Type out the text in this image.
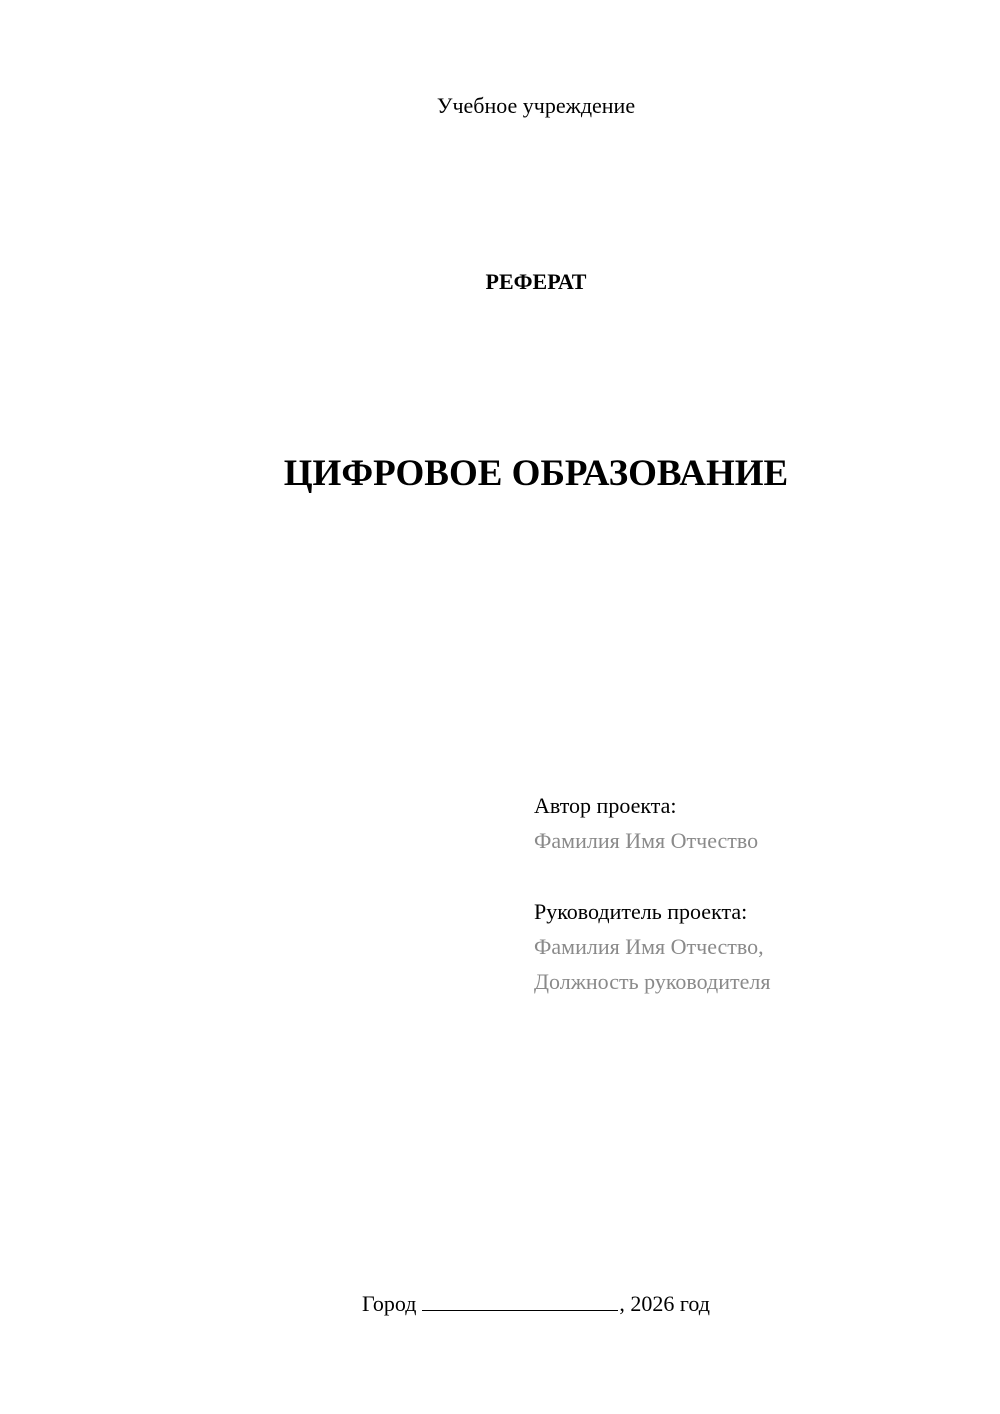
Учебное учреждение
РЕФЕРАТ
ЦИФРОВОЕ ОБРАЗОВАНИЕ
Автор проекта:
Фамилия Имя Отчество
Руководитель проекта:
Фамилия Имя Отчество,
Должность руководителя
Город	, 2026 год
